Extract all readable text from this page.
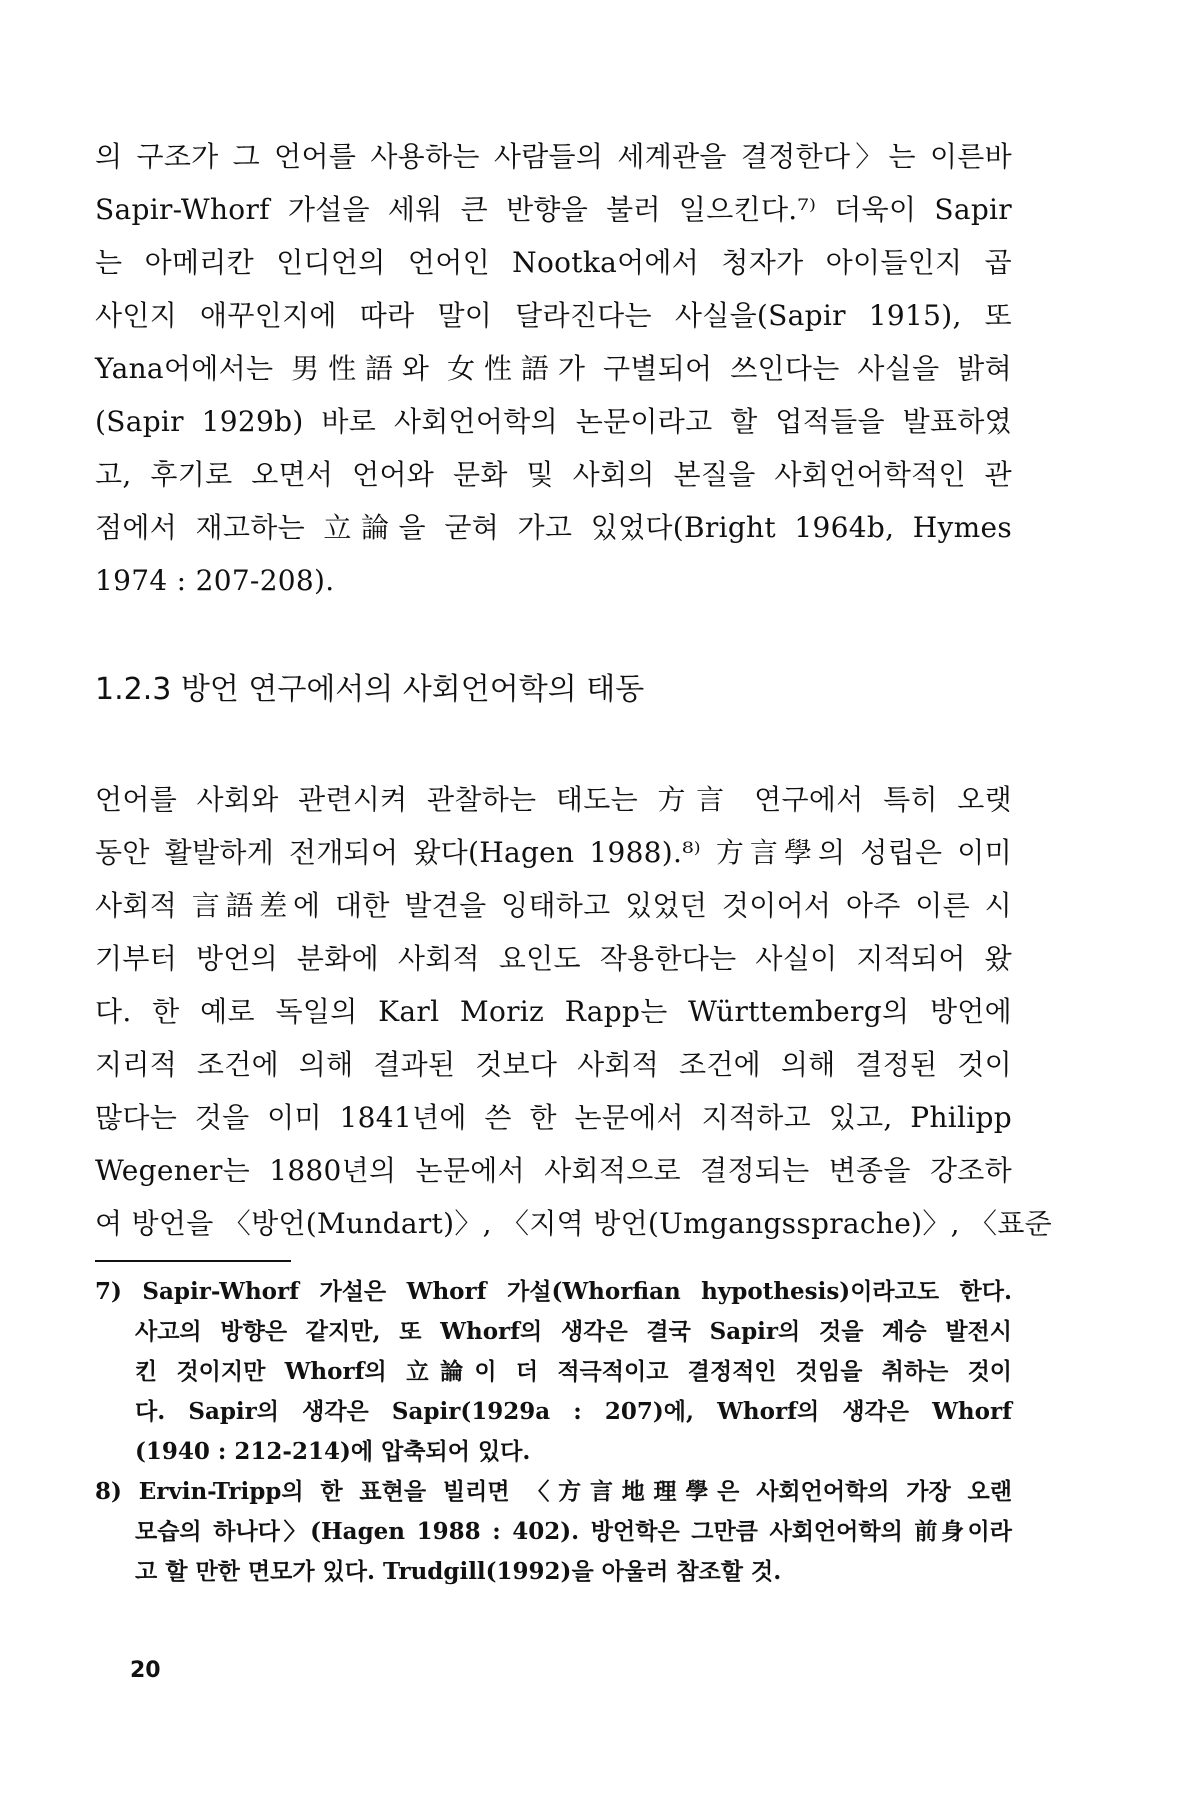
의 구조가 그 언어를 사용하는 사람들의 세계관을 결정한다〉는 이른바
Sapir-Whorf 가설을 세워 큰 반향을 불러 일으킨다.⁷⁾ 더욱이 Sapir
는 아메리칸 인디언의 언어인 Nootka어에서 청자가 아이들인지 곱
사인지 애꾸인지에 따라 말이 달라진다는 사실을(Sapir 1915), 또
Yana어에서는 男性語와 女性語가 구별되어 쓰인다는 사실을 밝혀
(Sapir 1929b) 바로 사회언어학의 논문이라고 할 업적들을 발표하였
고, 후기로 오면서 언어와 문화 및 사회의 본질을 사회언어학적인 관
점에서 재고하는 立論을 굳혀 가고 있었다(Bright 1964b, Hymes
1974 : 207-208).

1.2.3 방언 연구에서의 사회언어학의 태동

언어를 사회와 관련시켜 관찰하는 태도는 方言 연구에서 특히 오랫
동안 활발하게 전개되어 왔다(Hagen 1988).⁸⁾ 方言學의 성립은 이미
사회적 言語差에 대한 발견을 잉태하고 있었던 것이어서 아주 이른 시
기부터 방언의 분화에 사회적 요인도 작용한다는 사실이 지적되어 왔
다. 한 예로 독일의 Karl Moriz Rapp는 Württemberg의 방언에
지리적 조건에 의해 결과된 것보다 사회적 조건에 의해 결정된 것이
많다는 것을 이미 1841년에 쓴 한 논문에서 지적하고 있고, Philipp
Wegener는 1880년의 논문에서 사회적으로 결정되는 변종을 강조하
여 방언을 〈방언(Mundart)〉, 〈지역 방언(Umgangssprache)〉, 〈표준

7) Sapir-Whorf 가설은 Whorf 가설(Whorfian hypothesis)이라고도 한다.
사고의 방향은 같지만, 또 Whorf의 생각은 결국 Sapir의 것을 계승 발전시
킨 것이지만 Whorf의 立論이 더 적극적이고 결정적인 것임을 취하는 것이
다. Sapir의 생각은 Sapir(1929a : 207)에, Whorf의 생각은 Whorf
(1940 : 212-214)에 압축되어 있다.

8) Ervin-Tripp의 한 표현을 빌리면 〈方言地理學은 사회언어학의 가장 오랜
모습의 하나다〉(Hagen 1988 : 402). 방언학은 그만큼 사회언어학의 前身이라
고 할 만한 면모가 있다. Trudgill(1992)을 아울러 참조할 것.

20
